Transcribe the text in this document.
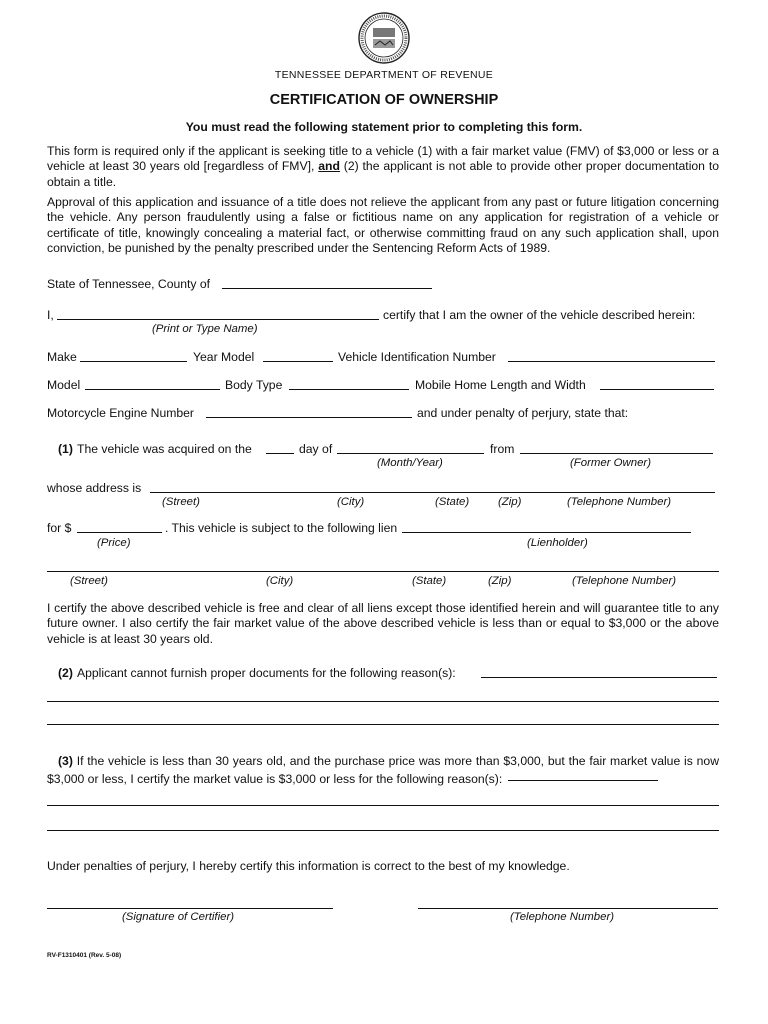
TENNESSEE DEPARTMENT OF REVENUE
CERTIFICATION OF OWNERSHIP
You must read the following statement prior to completing this form.
This form is required only if the applicant is seeking title to a vehicle (1) with a fair market value (FMV) of $3,000 or less or a vehicle at least 30 years old [regardless of FMV], and (2) the applicant is not able to provide other proper documentation to obtain a title.
Approval of this application and issuance of a title does not relieve the applicant from any past or future litigation concerning the vehicle. Any person fraudulently using a false or fictitious name on any application for registration of a vehicle or certificate of title, knowingly concealing a material fact, or otherwise committing fraud on any such application shall, upon conviction, be punished by the penalty prescribed under the Sentencing Reform Acts of 1989.
State of Tennessee, County of
I,	certify that I am the owner of the vehicle described herein:
(Print or Type Name)
Make	Year Model	Vehicle Identification Number
Model	Body Type	Mobile Home Length and Width
Motorcycle Engine Number	and under penalty of perjury, state that:
(1) The vehicle was acquired on the	day of	from
(Month/Year)	(Former Owner)
whose address is
(Street)	(City)	(State)	(Zip)	(Telephone Number)
for $	. This vehicle is subject to the following lien
(Price)	(Lienholder)
(Street)	(City)	(State)	(Zip)	(Telephone Number)
I certify the above described vehicle is free and clear of all liens except those identified herein and will guarantee title to any future owner. I also certify the fair market value of the above described vehicle is less than or equal to $3,000 or the above vehicle is at least 30 years old.
(2) Applicant cannot furnish proper documents for the following reason(s):
(3) If the vehicle is less than 30 years old, and the purchase price was more than $3,000, but the fair market value is now $3,000 or less, I certify the market value is $3,000 or less for the following reason(s):
Under penalties of perjury, I hereby certify this information is correct to the best of my knowledge.
(Signature of Certifier)	(Telephone Number)
RV-F1310401 (Rev. 5-08)
